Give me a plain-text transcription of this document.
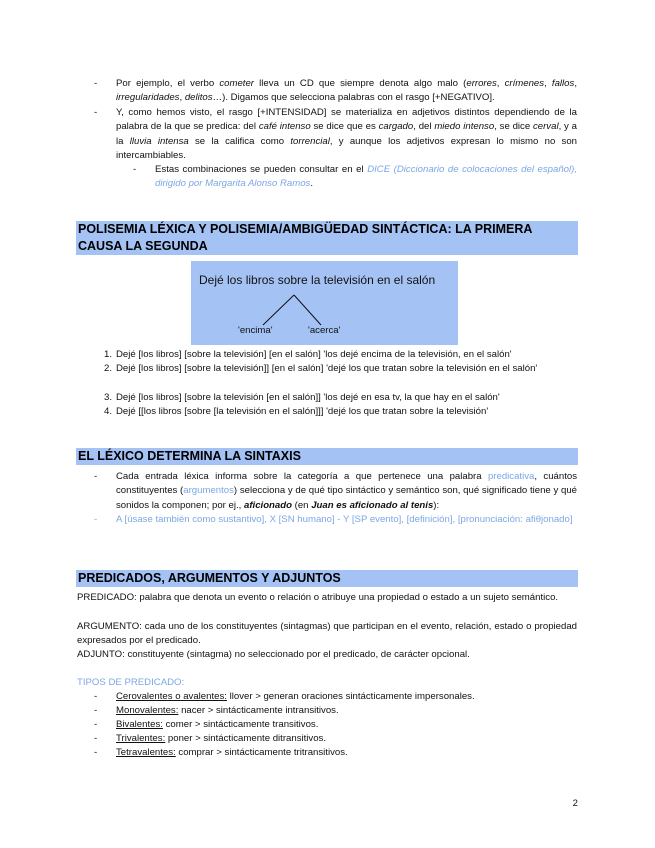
-	Por ejemplo, el verbo cometer lleva un CD que siempre denota algo malo (errores, crímenes, fallos, irregularidades, delitos…). Digamos que selecciona palabras con el rasgo [+NEGATIVO].
-	Y, como hemos visto, el rasgo [+INTENSIDAD] se materializa en adjetivos distintos dependiendo de la palabra de la que se predica: del café intenso se dice que es cargado, del miedo intenso, se dice cerval, y a la lluvia intensa se la califica como torrencial, y aunque los adjetivos expresan lo mismo no son intercambiables.
-	Estas combinaciones se pueden consultar en el DICE (Diccionario de colocaciones del español), dirigido por Margarita Alonso Ramos.
POLISEMIA LÉXICA Y POLISEMIA/AMBIGÜEDAD SINTÁCTICA: LA PRIMERA CAUSA LA SEGUNDA
Dejé los libros sobre la televisión en el salón
'encima'	'acerca'
1. Dejé [los libros] [sobre la televisión] [en el salón] 'los dejé encima de la televisión, en el salón'
2. Dejé [los libros] [sobre la televisión]] [en el salón] 'dejé los que tratan sobre la televisión en el salón'
3. Dejé [los libros] [sobre la televisión [en el salón]] 'los dejé en esa tv, la que hay en el salón'
4. Dejé [[los libros [sobre [la televisión en el salón]]] 'dejé los que tratan sobre la televisión'
EL LÉXICO DETERMINA LA SINTAXIS
-	Cada entrada léxica informa sobre la categoría a que pertenece una palabra predicativa, cuántos constituyentes (argumentos) selecciona y de qué tipo sintáctico y semántico son, qué significado tiene y qué sonidos la componen; por ej., aficionado (en Juan es aficionado al tenis):
-	A [úsase también como sustantivo], X [SN humano] - Y [SP evento], [definición], [pronunciación: afiθjonado]
PREDICADOS, ARGUMENTOS Y ADJUNTOS
PREDICADO: palabra que denota un evento o relación o atribuye una propiedad o estado a un sujeto semántico.
ARGUMENTO: cada uno de los constituyentes (sintagmas) que participan en el evento, relación, estado o propiedad expresados por el predicado.
ADJUNTO: constituyente (sintagma) no seleccionado por el predicado, de carácter opcional.
TIPOS DE PREDICADO:
-	Cerovalentes o avalentes: llover > generan oraciones sintácticamente impersonales.
-	Monovalentes: nacer > sintácticamente intransitivos.
-	Bivalentes: comer > sintácticamente transitivos.
-	Trivalentes: poner > sintácticamente ditransitivos.
-	Tetravalentes: comprar > sintácticamente tritransitivos.
2
